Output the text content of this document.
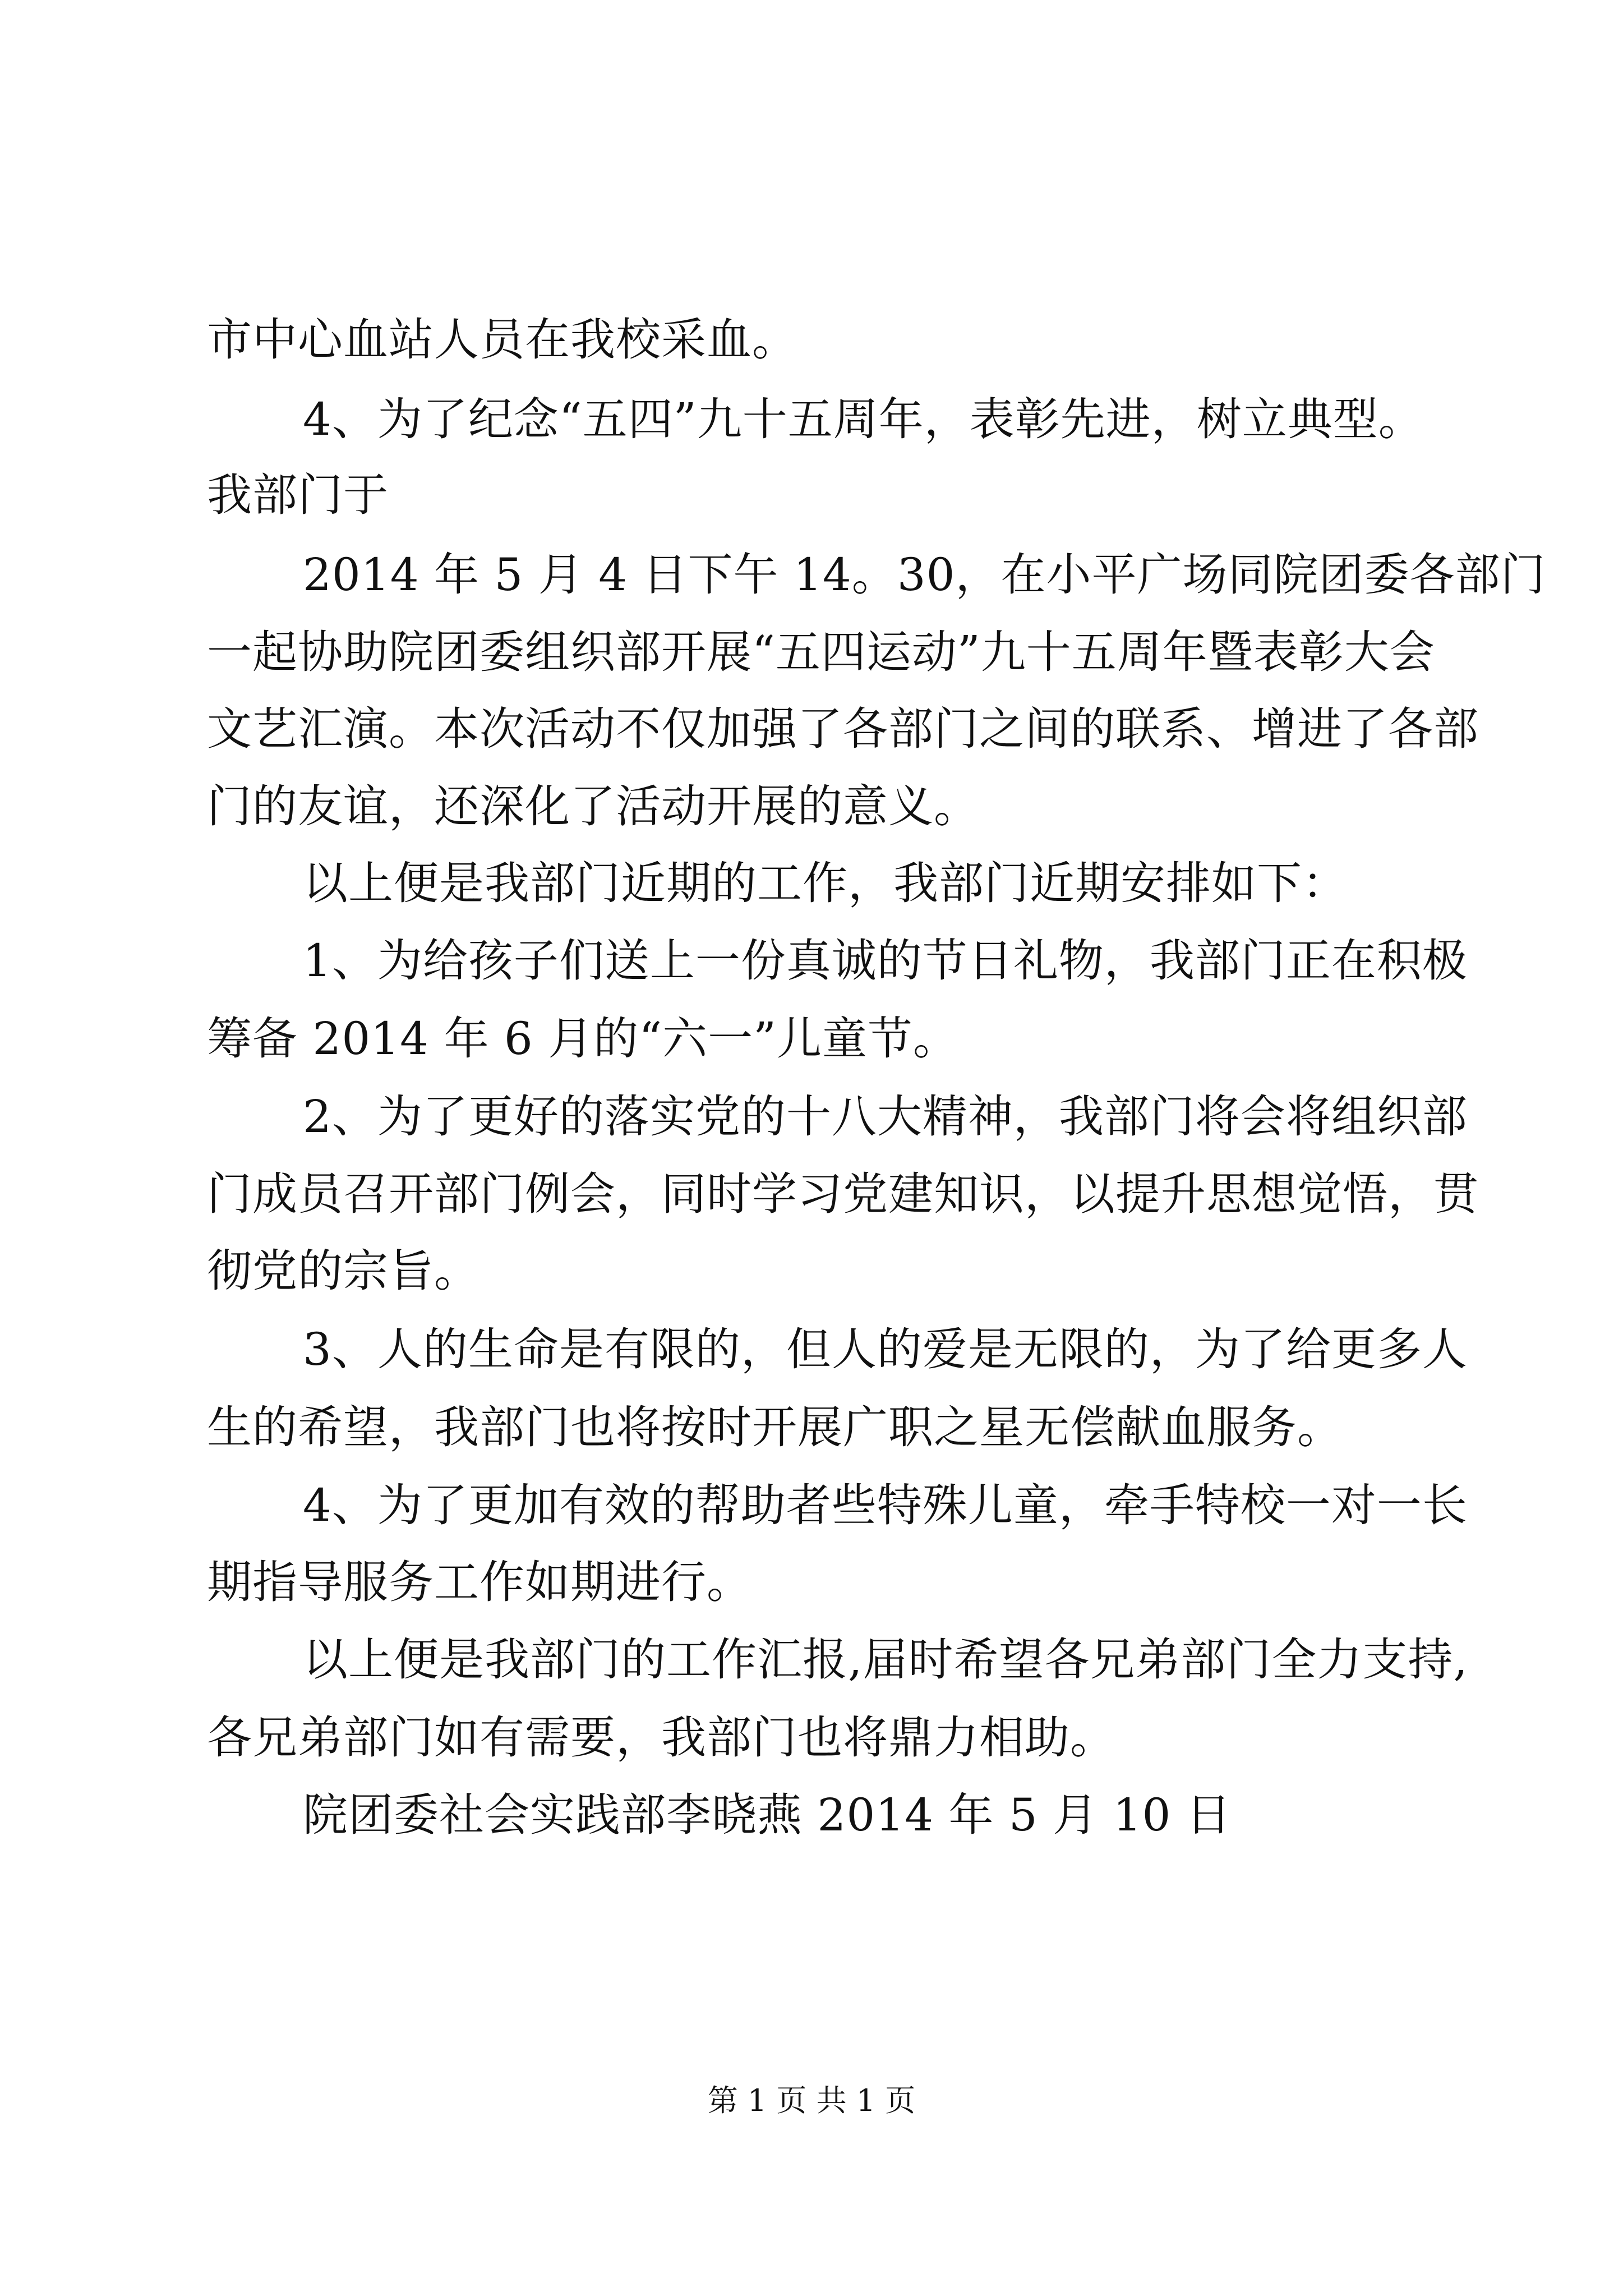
市中心血站人员在我校采血。
4、为了纪念“五四”九十五周年，表彰先进，树立典型。
我部门于
2014 年 5 月 4 日下午 14。30，在小平广场同院团委各部门
一起协助院团委组织部开展“五四运动”九十五周年暨表彰大会
文艺汇演。本次活动不仅加强了各部门之间的联系、增进了各部
门的友谊，还深化了活动开展的意义。
以上便是我部门近期的工作，我部门近期安排如下：
1、为给孩子们送上一份真诚的节日礼物，我部门正在积极
筹备 2014 年 6 月的“六一”儿童节。
2、为了更好的落实党的十八大精神，我部门将会将组织部
门成员召开部门例会，同时学习党建知识，以提升思想觉悟，贯
彻党的宗旨。
3、人的生命是有限的，但人的爱是无限的，为了给更多人
生的希望，我部门也将按时开展广职之星无偿献血服务。
4、为了更加有效的帮助者些特殊儿童，牵手特校一对一长
期指导服务工作如期进行。
以上便是我部门的工作汇报,届时希望各兄弟部门全力支持,
各兄弟部门如有需要，我部门也将鼎力相助。
院团委社会实践部李晓燕 2014 年 5 月 10 日
第 1 页 共 1 页
